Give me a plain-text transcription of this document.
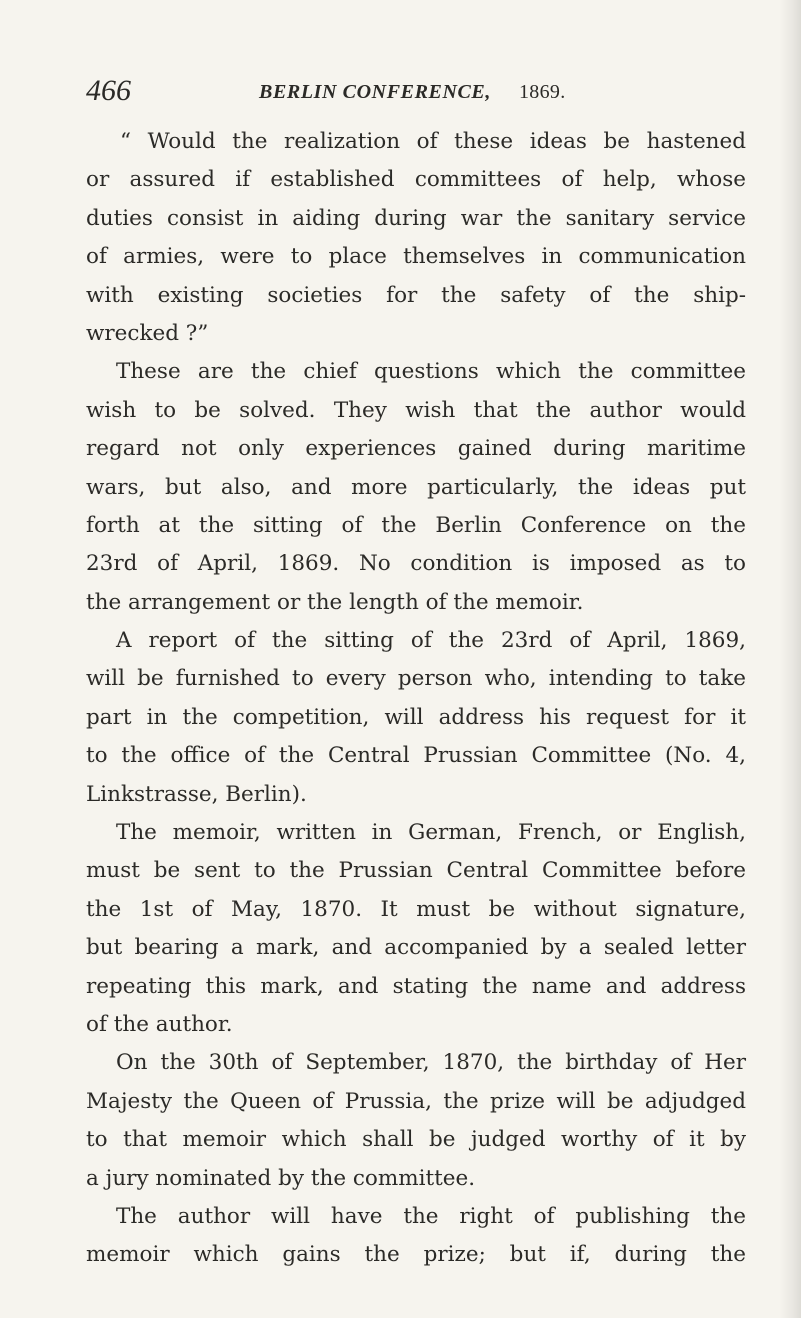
466	BERLIN CONFERENCE, 1869.
“ Would the realization of these ideas be hastened
or assured if established committees of help, whose
duties consist in aiding during war the sanitary service
of armies, were to place themselves in communication
with existing societies for the safety of the ship-
wrecked ?”
These are the chief questions which the committee
wish to be solved. They wish that the author would
regard not only experiences gained during maritime
wars, but also, and more particularly, the ideas put
forth at the sitting of the Berlin Conference on the
23rd of April, 1869. No condition is imposed as to
the arrangement or the length of the memoir.
A report of the sitting of the 23rd of April, 1869,
will be furnished to every person who, intending to take
part in the competition, will address his request for it
to the office of the Central Prussian Committee (No. 4,
Linkstrasse, Berlin).
The memoir, written in German, French, or English,
must be sent to the Prussian Central Committee before
the 1st of May, 1870. It must be without signature,
but bearing a mark, and accompanied by a sealed letter
repeating this mark, and stating the name and address
of the author.
On the 30th of September, 1870, the birthday of Her
Majesty the Queen of Prussia, the prize will be adjudged
to that memoir which shall be judged worthy of it by
a jury nominated by the committee.
The author will have the right of publishing the
memoir which gains the prize; but if, during the
